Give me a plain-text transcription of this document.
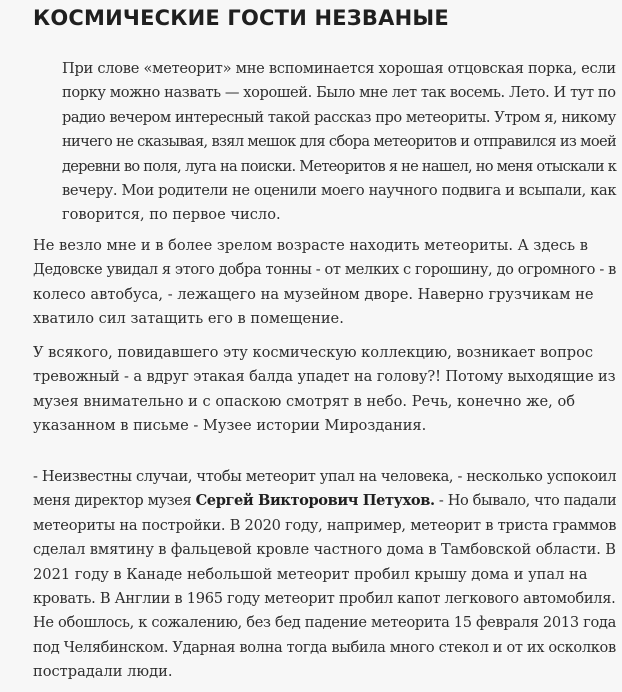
КОСМИЧЕСКИЕ ГОСТИ НЕЗВАНЫЕ

При слове «метеорит» мне вспоминается хорошая отцовская порка, если
порку можно назвать — хорошей. Было мне лет так восемь. Лето. И тут по
радио вечером интересный такой рассказ про метеориты. Утром я, никому
ничего не сказывая, взял мешок для сбора метеоритов и отправился из моей
деревни во поля, луга на поиски. Метеоритов я не нашел, но меня отыскали к
вечеру. Мои родители не оценили моего научного подвига и всыпали, как
говорится, по первое число.

Не везло мне и в более зрелом возрасте находить метеориты. А здесь в
Дедовске увидал я этого добра тонны - от мелких с горошину, до огромного - в
колесо автобуса, - лежащего на музейном дворе. Наверно грузчикам не
хватило сил затащить его в помещение.

У всякого, повидавшего эту космическую коллекцию, возникает вопрос
тревожный - а вдруг этакая балда упадет на голову?! Потому выходящие из
музея внимательно и с опаскою смотрят в небо. Речь, конечно же, об
указанном в письме - Музее истории Мироздания.

- Неизвестны случаи, чтобы метеорит упал на человека, - несколько успокоил
меня директор музея Сергей Викторович Петухов. - Но бывало, что падали
метеориты на постройки. В 2020 году, например, метеорит в триста граммов
сделал вмятину в фальцевой кровле частного дома в Тамбовской области. В
2021 году в Канаде небольшой метеорит пробил крышу дома и упал на
кровать. В Англии в 1965 году метеорит пробил капот легкового автомобиля.
Не обошлось, к сожалению, без бед падение метеорита 15 февраля 2013 года
под Челябинском. Ударная волна тогда выбила много стекол и от их осколков
пострадали люди.
